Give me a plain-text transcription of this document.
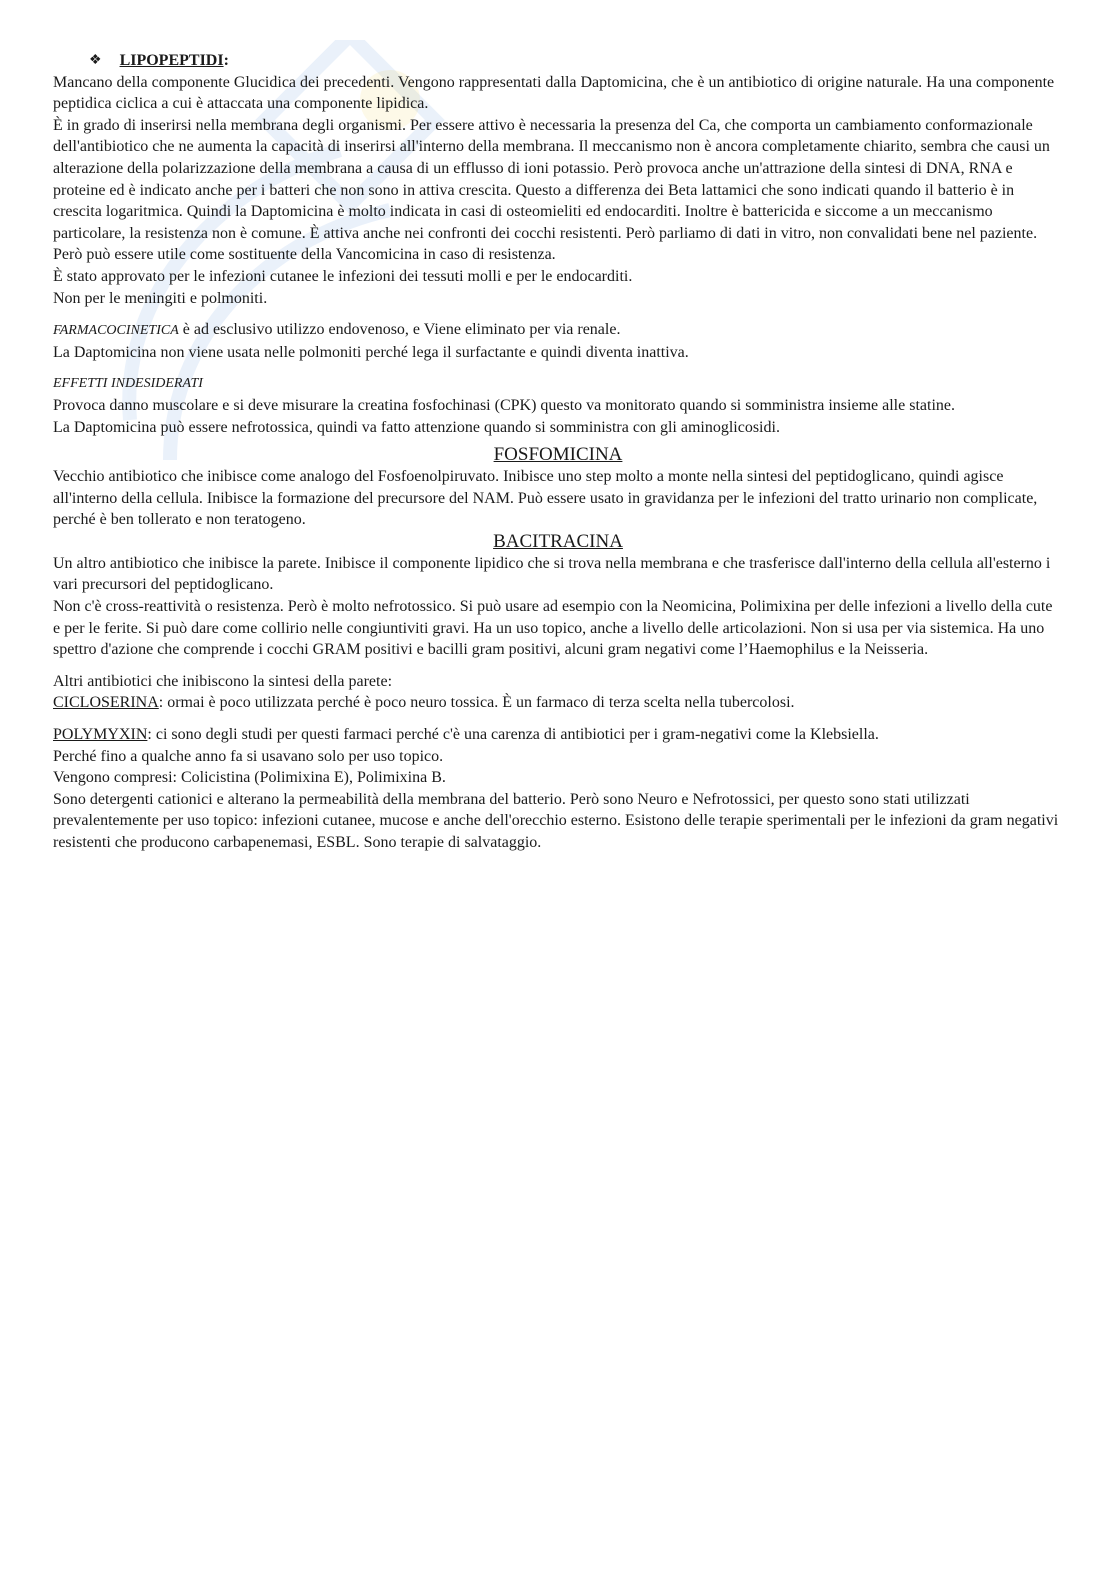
❖ LIPOPEPTIDI :

Mancano della componente Glucidica dei precedenti. Vengono rappresentati dalla Daptomicina, che è un antibiotico di origine naturale. Ha una componente peptidica ciclica a cui è attaccata una componente lipidica.

È in grado di inserirsi nella membrana degli organismi. Per essere attivo è necessaria la presenza del Ca, che comporta un cambiamento conformazionale dell'antibiotico che ne aumenta la capacità di inserirsi all'interno della membrana. Il meccanismo non è ancora completamente chiarito, sembra che causi un alterazione della polarizzazione della membrana a causa di un efflusso di ioni potassio. Però provoca anche un'attrazione della sintesi di DNA, RNA e proteine ed è indicato anche per i batteri che non sono in attiva crescita. Questo a differenza dei Beta lattamici che sono indicati quando il batterio è in crescita logaritmica. Quindi la Daptomicina è molto indicata in casi di osteomieliti ed endocarditi. Inoltre è battericida e siccome a un meccanismo particolare, la resistenza non è comune. È attiva anche nei confronti dei cocchi resistenti. Però parliamo di dati in vitro, non convalidati bene nel paziente. Però può essere utile come sostituente della Vancomicina in caso di resistenza.

È stato approvato per le infezioni cutanee le infezioni dei tessuti molli e per le endocarditi.

Non per le meningiti e polmoniti.

FARMACOCINETICA è ad esclusivo utilizzo endovenoso, e Viene eliminato per via renale.

La Daptomicina non viene usata nelle polmoniti perché lega il surfactante e quindi diventa inattiva.

EFFETTI INDESIDERATI

Provoca danno muscolare e si deve misurare la creatina fosfochinasi (CPK) questo va monitorato quando si somministra insieme alle statine.

La Daptomicina può essere nefrotossica, quindi va fatto attenzione quando si somministra con gli aminoglicosidi.

FOSFOMICINA

Vecchio antibiotico che inibisce come analogo del Fosfoenolpiruvato. Inibisce uno step molto a monte nella sintesi del peptidoglicano, quindi agisce all'interno della cellula. Inibisce la formazione del precursore del NAM. Può essere usato in gravidanza per le infezioni del tratto urinario non complicate, perché è ben tollerato e non teratogeno.

BACITRACINA

Un altro antibiotico che inibisce la parete. Inibisce il componente lipidico che si trova nella membrana e che trasferisce dall'interno della cellula all'esterno i vari precursori del peptidoglicano.

Non c'è cross-reattività o resistenza. Però è molto nefrotossico. Si può usare ad esempio con la Neomicina, Polimixina per delle infezioni a livello della cute e per le ferite. Si può dare come collirio nelle congiuntiviti gravi. Ha un uso topico, anche a livello delle articolazioni. Non si usa per via sistemica. Ha uno spettro d'azione che comprende i cocchi GRAM positivi e bacilli gram positivi, alcuni gram negativi come l’Haemophilus e la Neisseria.

Altri antibiotici che inibiscono la sintesi della parete:

CICLOSERINA: ormai è poco utilizzata perché è poco neuro tossica. È un farmaco di terza scelta nella tubercolosi.

POLYMYXIN: ci sono degli studi per questi farmaci perché c'è una carenza di antibiotici per i gram-negativi come la Klebsiella.

Perché fino a qualche anno fa si usavano solo per uso topico.

Vengono compresi: Colicistina (Polimixina E), Polimixina B.

Sono detergenti cationici e alterano la permeabilità della membrana del batterio. Però sono Neuro e Nefrotossici, per questo sono stati utilizzati prevalentemente per uso topico: infezioni cutanee, mucose e anche dell'orecchio esterno. Esistono delle terapie sperimentali per le infezioni da gram negativi resistenti che producono carbapenemasi, ESBL. Sono terapie di salvataggio.
